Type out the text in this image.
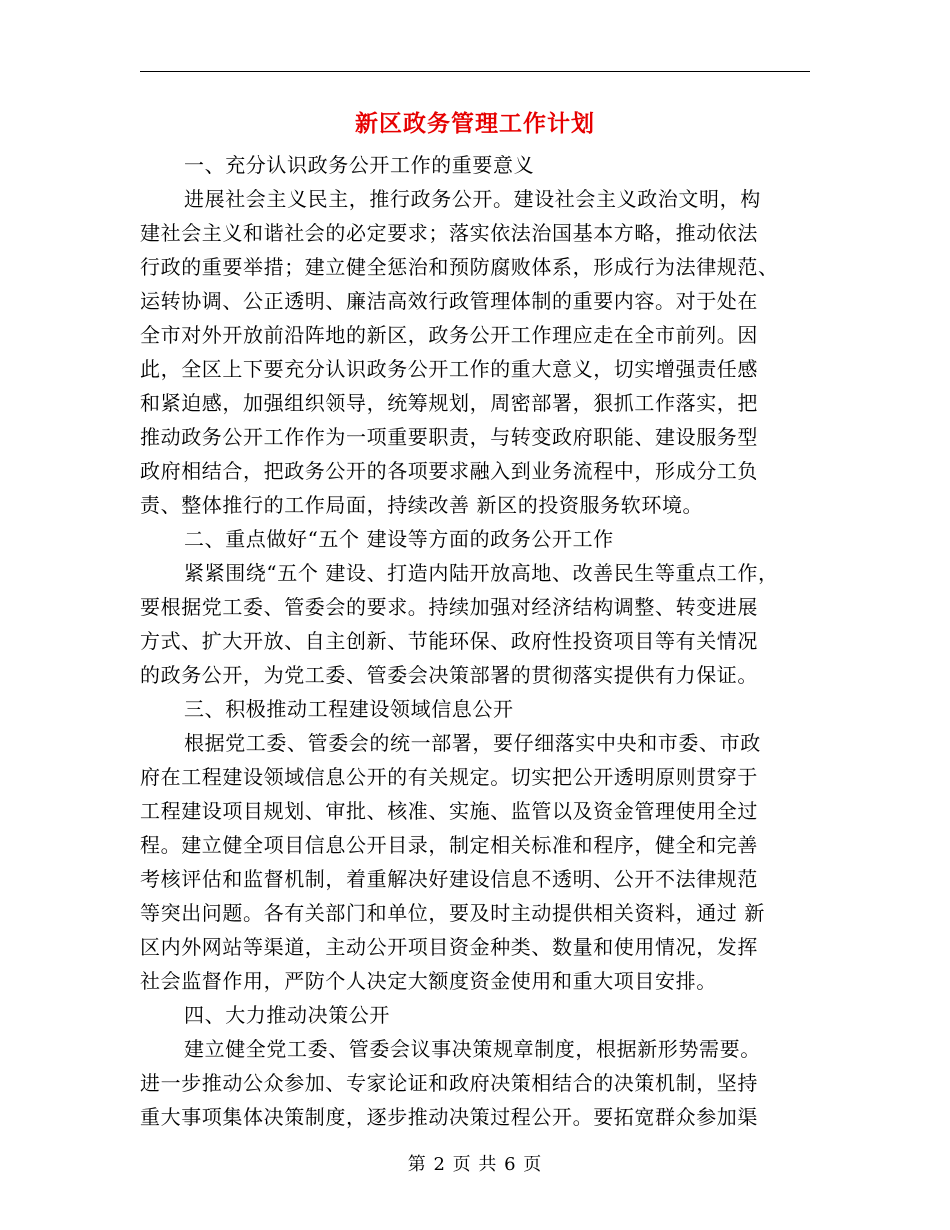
新区政务管理工作计划
一、充分认识政务公开工作的重要意义
进展社会主义民主，推行政务公开。建设社会主义政治文明，构
建社会主义和谐社会的必定要求；落实依法治国基本方略，推动依法
行政的重要举措；建立健全惩治和预防腐败体系，形成行为法律规范、
运转协调、公正透明、廉洁高效行政管理体制的重要内容。对于处在
全市对外开放前沿阵地的新区，政务公开工作理应走在全市前列。因
此，全区上下要充分认识政务公开工作的重大意义，切实增强责任感
和紧迫感，加强组织领导，统筹规划，周密部署，狠抓工作落实，把
推动政务公开工作作为一项重要职责，与转变政府职能、建设服务型
政府相结合，把政务公开的各项要求融入到业务流程中，形成分工负
责、整体推行的工作局面，持续改善 新区的投资服务软环境。
二、重点做好“五个 建设等方面的政务公开工作
紧紧围绕“五个 建设、打造内陆开放高地、改善民生等重点工作，
要根据党工委、管委会的要求。持续加强对经济结构调整、转变进展
方式、扩大开放、自主创新、节能环保、政府性投资项目等有关情况
的政务公开，为党工委、管委会决策部署的贯彻落实提供有力保证。
三、积极推动工程建设领域信息公开
根据党工委、管委会的统一部署，要仔细落实中央和市委、市政
府在工程建设领域信息公开的有关规定。切实把公开透明原则贯穿于
工程建设项目规划、审批、核准、实施、监管以及资金管理使用全过
程。建立健全项目信息公开目录，制定相关标准和程序，健全和完善
考核评估和监督机制，着重解决好建设信息不透明、公开不法律规范
等突出问题。各有关部门和单位，要及时主动提供相关资料，通过 新
区内外网站等渠道，主动公开项目资金种类、数量和使用情况，发挥
社会监督作用，严防个人决定大额度资金使用和重大项目安排。
四、大力推动决策公开
建立健全党工委、管委会议事决策规章制度，根据新形势需要。
进一步推动公众参加、专家论证和政府决策相结合的决策机制，坚持
重大事项集体决策制度，逐步推动决策过程公开。要拓宽群众参加渠
第 2 页 共 6 页
